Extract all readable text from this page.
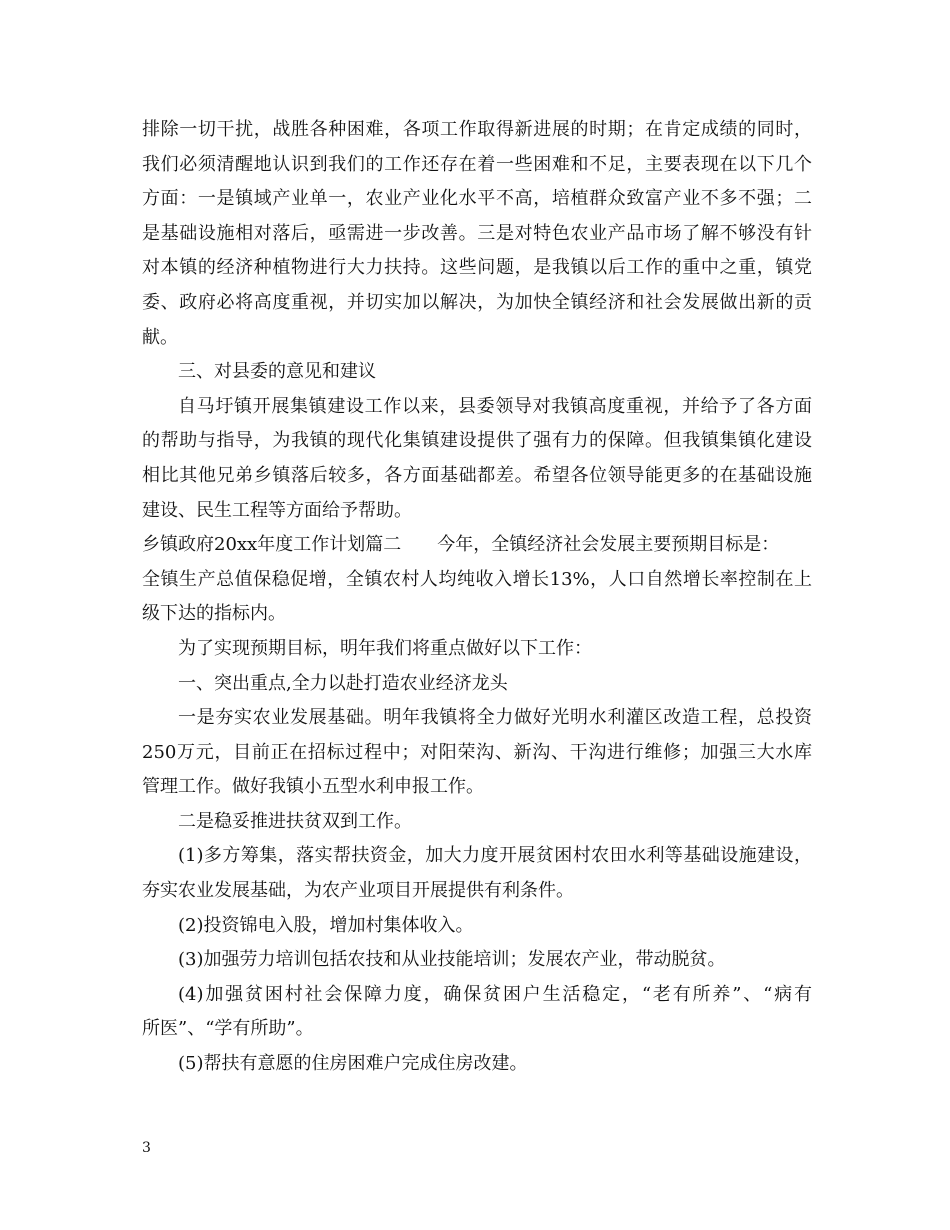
排除一切干扰，战胜各种困难，各项工作取得新进展的时期；在肯定成绩的同时，
我们必须清醒地认识到我们的工作还存在着一些困难和不足，主要表现在以下几个
方面：一是镇域产业单一，农业产业化水平不高，培植群众致富产业不多不强；二
是基础设施相对落后，亟需进一步改善。三是对特色农业产品市场了解不够没有针
对本镇的经济种植物进行大力扶持。这些问题，是我镇以后工作的重中之重，镇党
委、政府必将高度重视，并切实加以解决，为加快全镇经济和社会发展做出新的贡
献。
三、对县委的意见和建议
自马圩镇开展集镇建设工作以来，县委领导对我镇高度重视，并给予了各方面
的帮助与指导，为我镇的现代化集镇建设提供了强有力的保障。但我镇集镇化建设
相比其他兄弟乡镇落后较多，各方面基础都差。希望各位领导能更多的在基础设施
建设、民生工程等方面给予帮助。
乡镇政府20xx年度工作计划篇二　　今年，全镇经济社会发展主要预期目标是：
全镇生产总值保稳促增，全镇农村人均纯收入增长13%，人口自然增长率控制在上
级下达的指标内。
为了实现预期目标，明年我们将重点做好以下工作：
一、突出重点,全力以赴打造农业经济龙头
一是夯实农业发展基础。明年我镇将全力做好光明水利灌区改造工程，总投资
250万元，目前正在招标过程中；对阳荣沟、新沟、干沟进行维修；加强三大水库
管理工作。做好我镇小五型水利申报工作。
二是稳妥推进扶贫双到工作。
(1)多方筹集，落实帮扶资金，加大力度开展贫困村农田水利等基础设施建设，
夯实农业发展基础，为农产业项目开展提供有利条件。
(2)投资锦电入股，增加村集体收入。
(3)加强劳力培训包括农技和从业技能培训；发展农产业，带动脱贫。
(4)加强贫困村社会保障力度，确保贫困户生活稳定，“老有所养”、“病有
所医”、“学有所助”。
(5)帮扶有意愿的住房困难户完成住房改建。
3
